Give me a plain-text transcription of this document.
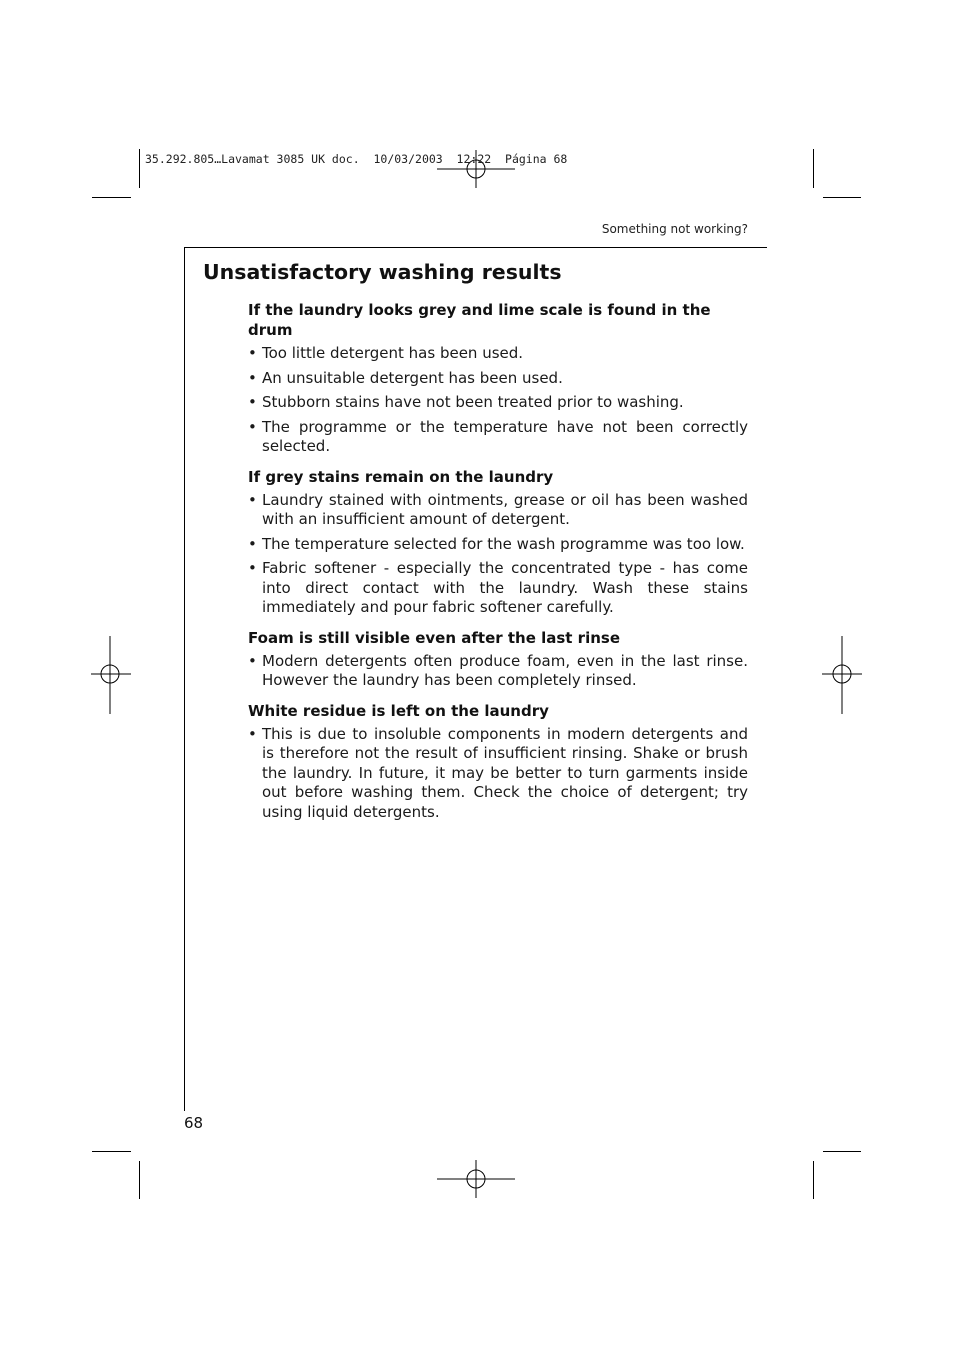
35.292.805…Lavamat 3085 UK doc.  10/03/2003  12:22  Página 68
Something not working?
Unsatisfactory washing results
If the laundry looks grey and lime scale is found in the drum
• Too little detergent has been used.
• An unsuitable detergent has been used.
• Stubborn stains have not been treated prior to washing.
• The programme or the temperature have not been correctly selected.
If grey stains remain on the laundry
• Laundry stained with ointments, grease or oil has been washed with an insufficient amount of detergent.
• The temperature selected for the wash programme was too low.
• Fabric softener - especially the concentrated type - has come into direct contact with the laundry. Wash these stains immediately and pour fabric softener carefully.
Foam is still visible even after the last rinse
• Modern detergents often produce foam, even in the last rinse. However the laundry has been completely rinsed.
White residue is left on the laundry
• This is due to insoluble components in modern detergents and is therefore not the result of insufficient rinsing. Shake or brush the laundry. In future, it may be better to turn garments inside out before washing them. Check the choice of detergent; try using liquid detergents.
68
